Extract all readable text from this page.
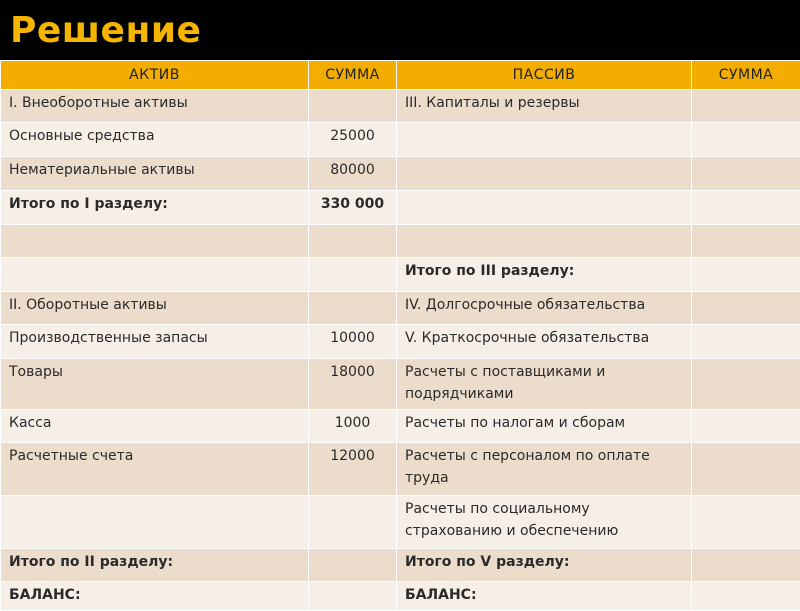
Решение
АКТИВ	СУММА	ПАССИВ	СУММА
I. Внеоборотные активы		III. Капиталы и резервы	
Основные средства	25000		
Нематериальные активы	80000		
Итого по I разделу:	330 000		

		Итого по III разделу:	
II. Оборотные активы		IV. Долгосрочные обязательства	
Производственные запасы	10000	V. Краткосрочные обязательства	
Товары	18000	Расчеты с поставщиками и подрядчиками	
Касса	1000	Расчеты по налогам и сборам	
Расчетные счета	12000	Расчеты с персоналом по оплате труда	
		Расчеты по социальному страхованию и обеспечению	
Итого по II разделу:		Итого по V разделу:	
БАЛАНС:		БАЛАНС:	
